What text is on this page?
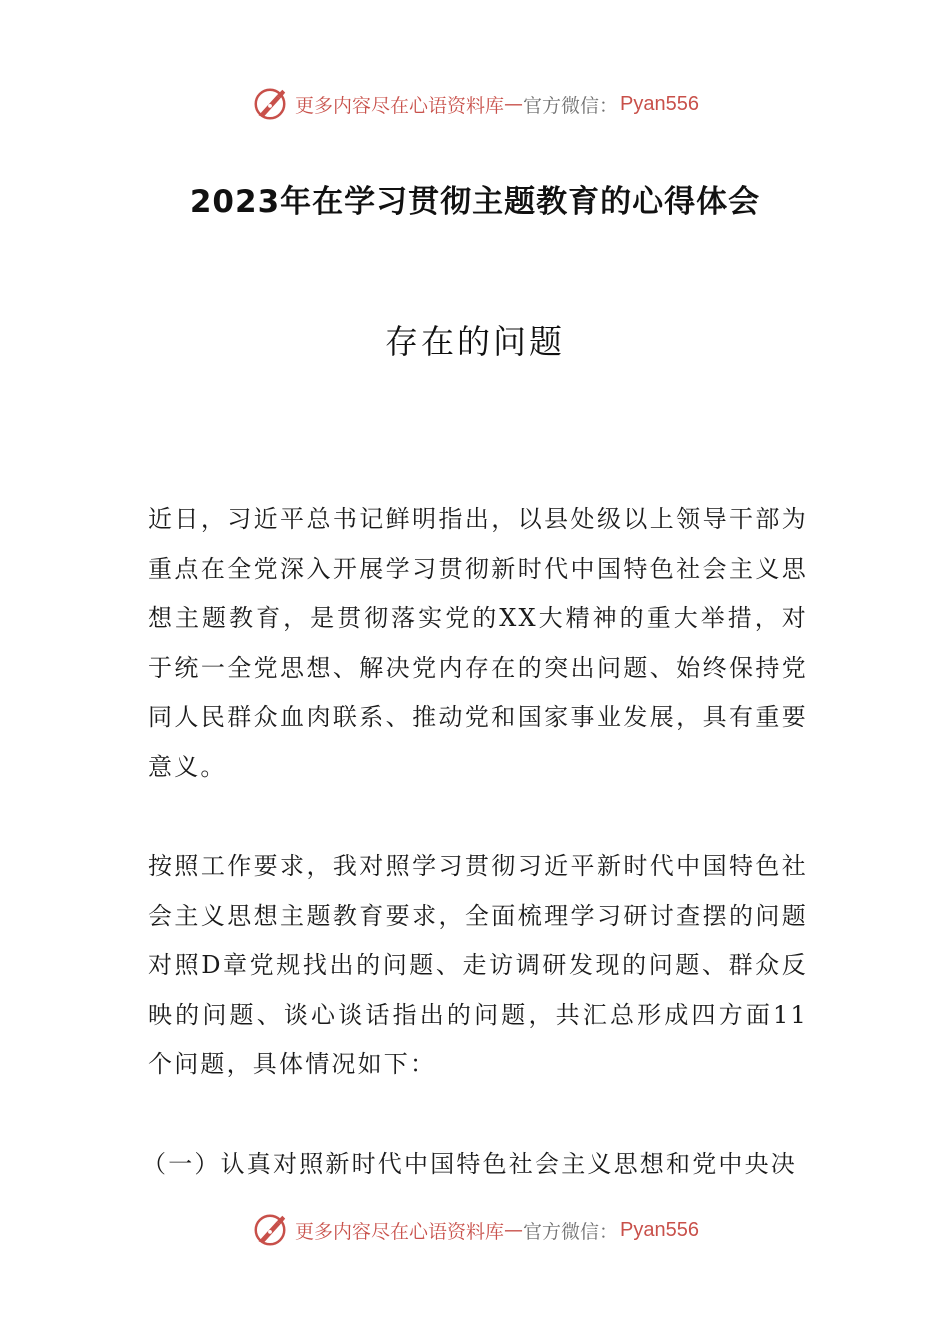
更多内容尽在心语资料库 — 官方微信： Pyan556
2023年在学习贯彻主题教育的心得体会
存在的问题

近日，习近平总书记鲜明指出，以县处级以上领导干部为重点在全党深入开展学习贯彻新时代中国特色社会主义思想主题教育，是贯彻落实党的XX大精神的重大举措，对于统一全党思想、解决党内存在的突出问题、始终保持党同人民群众血肉联系、推动党和国家事业发展，具有重要意义。

按照工作要求，我对照学习贯彻习近平新时代中国特色社会主义思想主题教育要求，全面梳理学习研讨查摆的问题对照D章党规找出的问题、走访调研发现的问题、群众反映的问题、谈心谈话指出的问题，共汇总形成四方面11个问题，具体情况如下：

（一）认真对照新时代中国特色社会主义思想和党中央决

更多内容尽在心语资料库 — 官方微信： Pyan556
